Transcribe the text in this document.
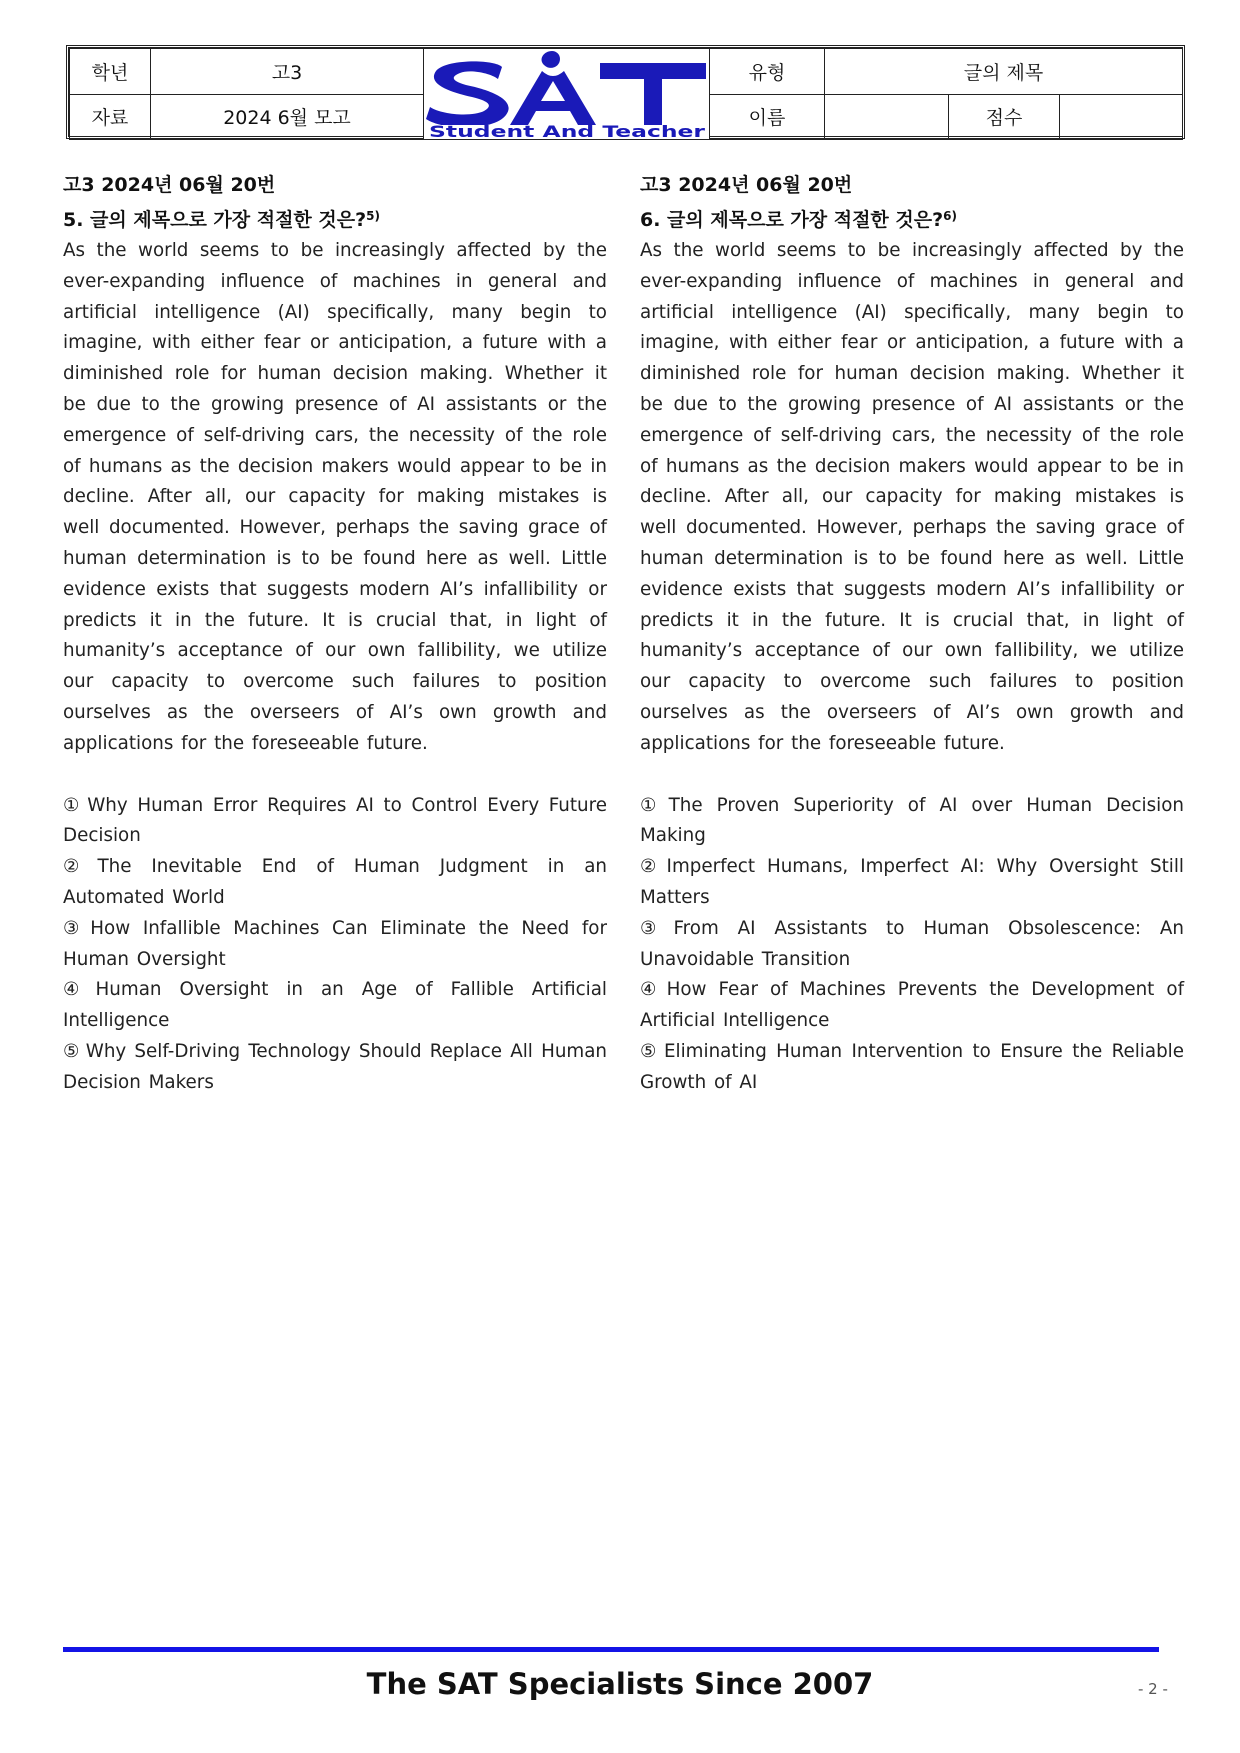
학년	고3	Student And Teacher	유형	글의 제목		
자료	2024 6월 모고		이름		점수	
고3 2024년 06월 20번
5. 글의 제목으로 가장 적절한 것은?$^{5)}$
As the world seems to be increasingly affected by the ever-expanding influence of machines in general and artificial intelligence (AI) specifically, many begin to imagine, with either fear or anticipation, a future with a diminished role for human decision making. Whether it be due to the growing presence of AI assistants or the emergence of self-driving cars, the necessity of the role of humans as the decision makers would appear to be in decline. After all, our capacity for making mistakes is well documented. However, perhaps the saving grace of human determination is to be found here as well. Little evidence exists that suggests modern AI’s infallibility or predicts it in the future. It is crucial that, in light of humanity’s acceptance of our own fallibility, we utilize our capacity to overcome such failures to position ourselves as the overseers of AI’s own growth and applications for the foreseeable future.
① Why Human Error Requires AI to Control Every Future Decision
② The Inevitable End of Human Judgment in an Automated World
③ How Infallible Machines Can Eliminate the Need for Human Oversight
④ Human Oversight in an Age of Fallible Artificial Intelligence
⑤ Why Self-Driving Technology Should Replace All Human Decision Makers
고3 2024년 06월 20번
6. 글의 제목으로 가장 적절한 것은?$^{6)}$
As the world seems to be increasingly affected by the ever-expanding influence of machines in general and artificial intelligence (AI) specifically, many begin to imagine, with either fear or anticipation, a future with a diminished role for human decision making. Whether it be due to the growing presence of AI assistants or the emergence of self-driving cars, the necessity of the role of humans as the decision makers would appear to be in decline. After all, our capacity for making mistakes is well documented. However, perhaps the saving grace of human determination is to be found here as well. Little evidence exists that suggests modern AI’s infallibility or predicts it in the future. It is crucial that, in light of humanity’s acceptance of our own fallibility, we utilize our capacity to overcome such failures to position ourselves as the overseers of AI’s own growth and applications for the foreseeable future.
① The Proven Superiority of AI over Human Decision Making
② Imperfect Humans, Imperfect AI: Why Oversight Still Matters
③ From AI Assistants to Human Obsolescence: An Unavoidable Transition
④ How Fear of Machines Prevents the Development of Artificial Intelligence
⑤ Eliminating Human Intervention to Ensure the Reliable Growth of AI
The SAT Specialists Since 2007	- 2 -
